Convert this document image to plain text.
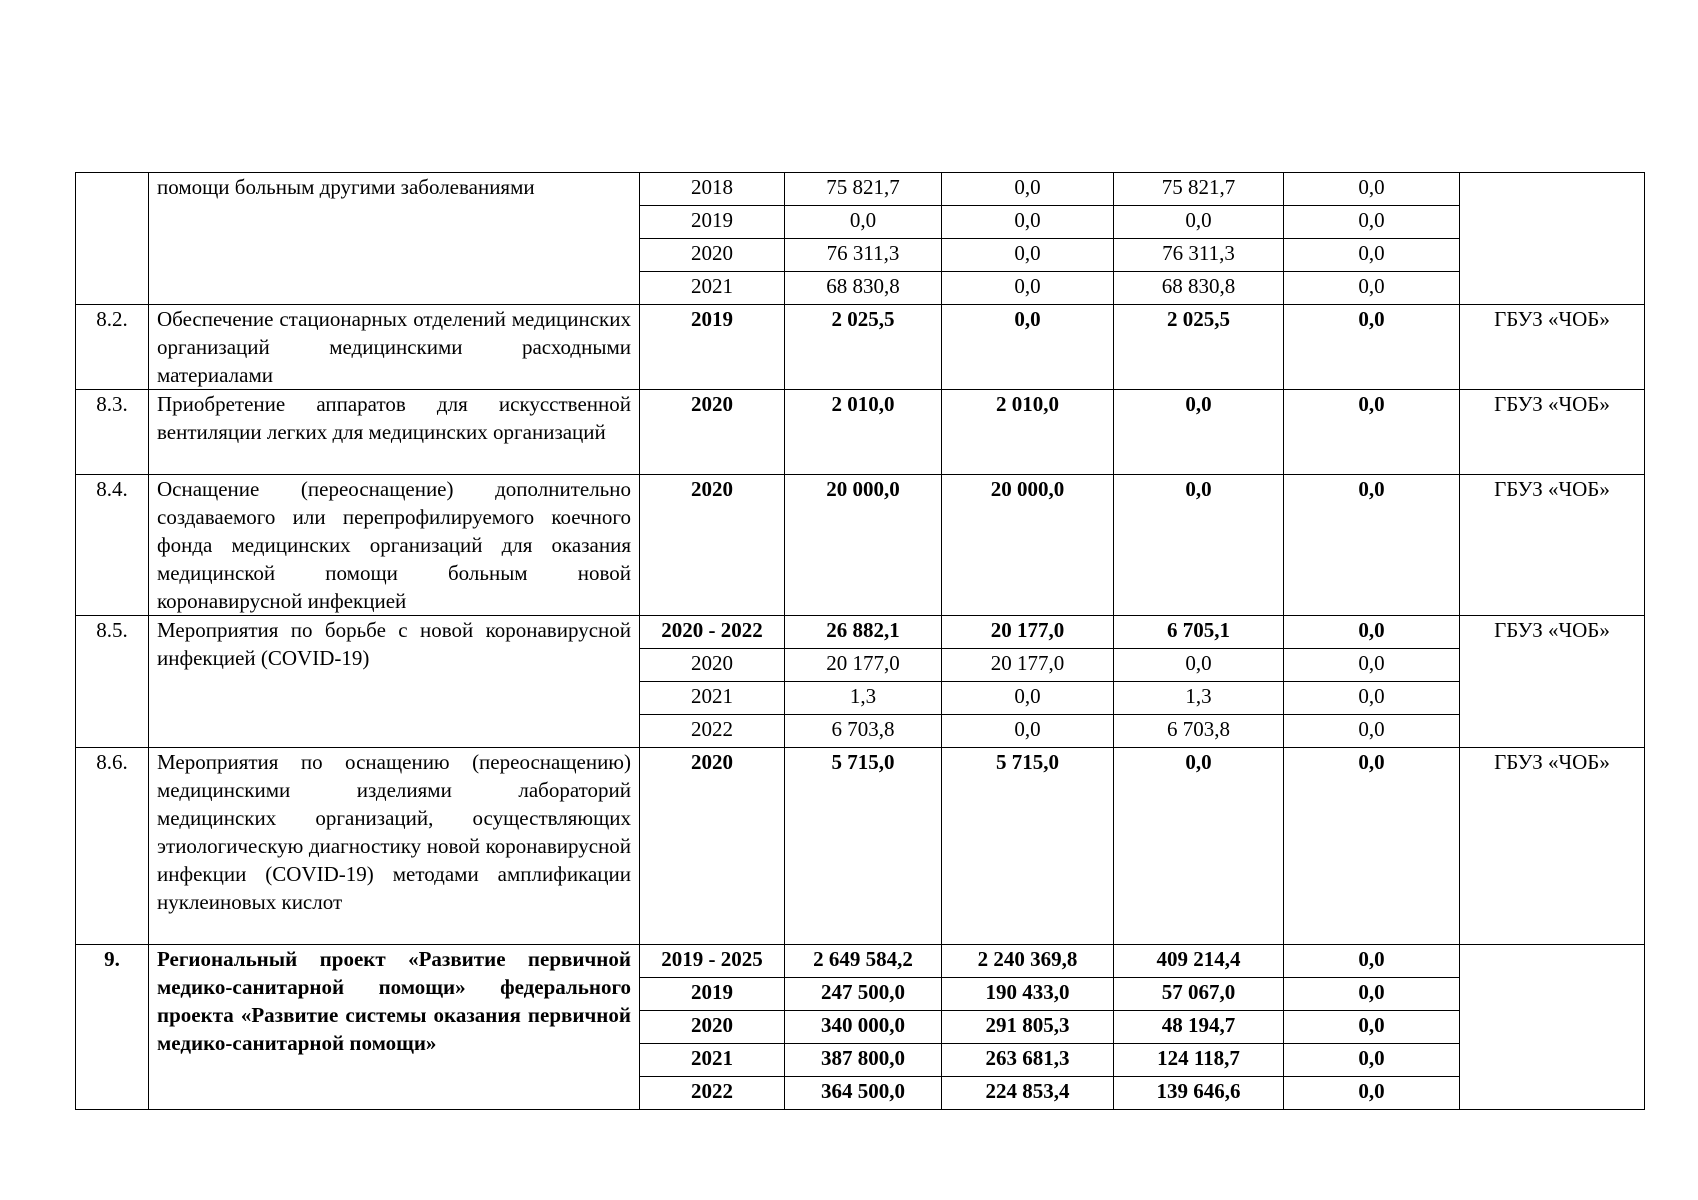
	помощи больным другими заболеваниями	2018	75 821,7	0,0	75 821,7	0,0	
		2019	0,0	0,0	0,0	0,0	
		2020	76 311,3	0,0	76 311,3	0,0	
		2021	68 830,8	0,0	68 830,8	0,0	
8.2.	Обеспечение стационарных отделений медицинских организаций медицинскими расходными материалами	2019	2 025,5	0,0	2 025,5	0,0	ГБУЗ «ЧОБ»
8.3.	Приобретение аппаратов для искусственной вентиляции легких для медицинских организаций	2020	2 010,0	2 010,0	0,0	0,0	ГБУЗ «ЧОБ»
8.4.	Оснащение (переоснащение) дополнительно создаваемого или перепрофилируемого коечного фонда медицинских организаций для оказания медицинской помощи больным новой коронавирусной инфекцией	2020	20 000,0	20 000,0	0,0	0,0	ГБУЗ «ЧОБ»
8.5.	Мероприятия по борьбе с новой коронавирусной инфекцией (COVID-19)	2020 - 2022	26 882,1	20 177,0	6 705,1	0,0	ГБУЗ «ЧОБ»
		2020	20 177,0	20 177,0	0,0	0,0	
		2021	1,3	0,0	1,3	0,0	
		2022	6 703,8	0,0	6 703,8	0,0	
8.6.	Мероприятия по оснащению (переоснащению) медицинскими изделиями лабораторий медицинских организаций, осуществляющих этиологическую диагностику новой коронавирусной инфекции (COVID-19) методами амплификации нуклеиновых кислот	2020	5 715,0	5 715,0	0,0	0,0	ГБУЗ «ЧОБ»
9.	Региональный проект «Развитие первичной медико-санитарной помощи» федерального проекта «Развитие системы оказания первичной медико-санитарной помощи»	2019 - 2025	2 649 584,2	2 240 369,8	409 214,4	0,0	
		2019	247 500,0	190 433,0	57 067,0	0,0	
		2020	340 000,0	291 805,3	48 194,7	0,0	
		2021	387 800,0	263 681,3	124 118,7	0,0	
		2022	364 500,0	224 853,4	139 646,6	0,0	
